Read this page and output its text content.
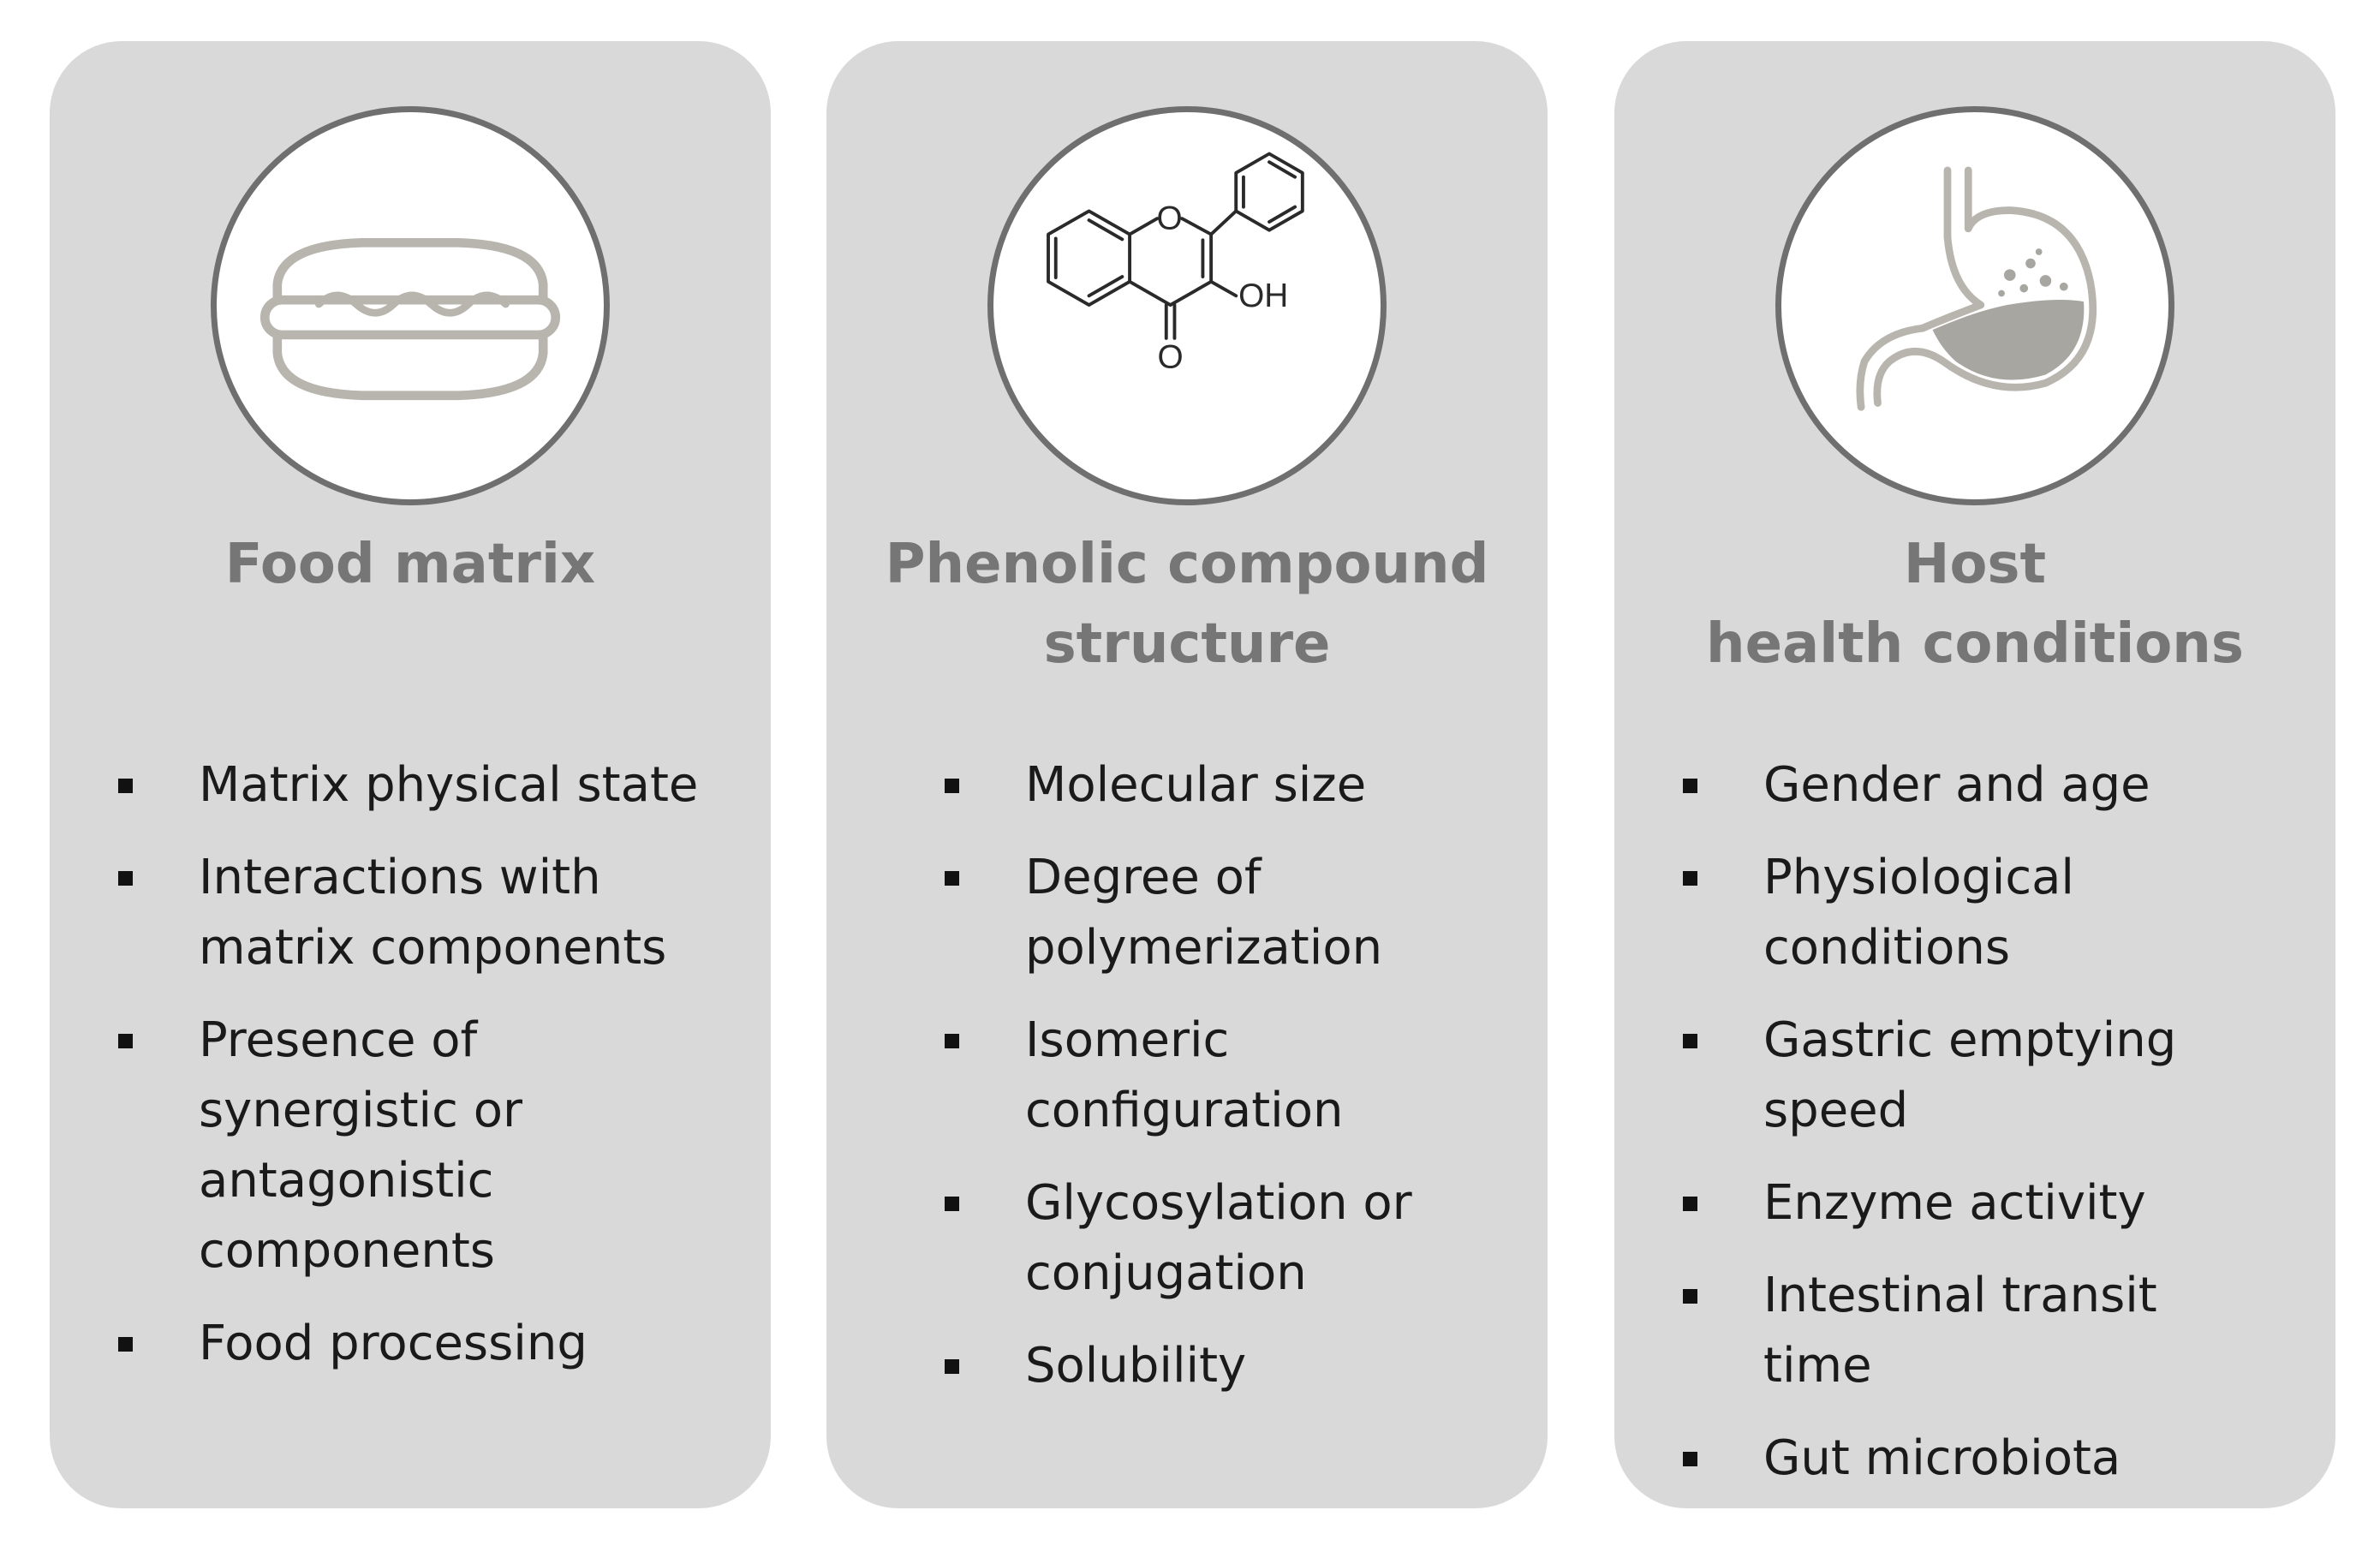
Food matrix
Matrix physical state
Interactions with
matrix components
Presence of
synergistic or
antagonistic
components
Food processing
O
OH
O
Phenolic compound
structure
Molecular size
Degree of
polymerization
Isomeric
configuration
Glycosylation or
conjugation
Solubility
Host
health conditions
Gender and age
Physiological
conditions
Gastric emptying
speed
Enzyme activity
Intestinal transit
time
Gut microbiota
